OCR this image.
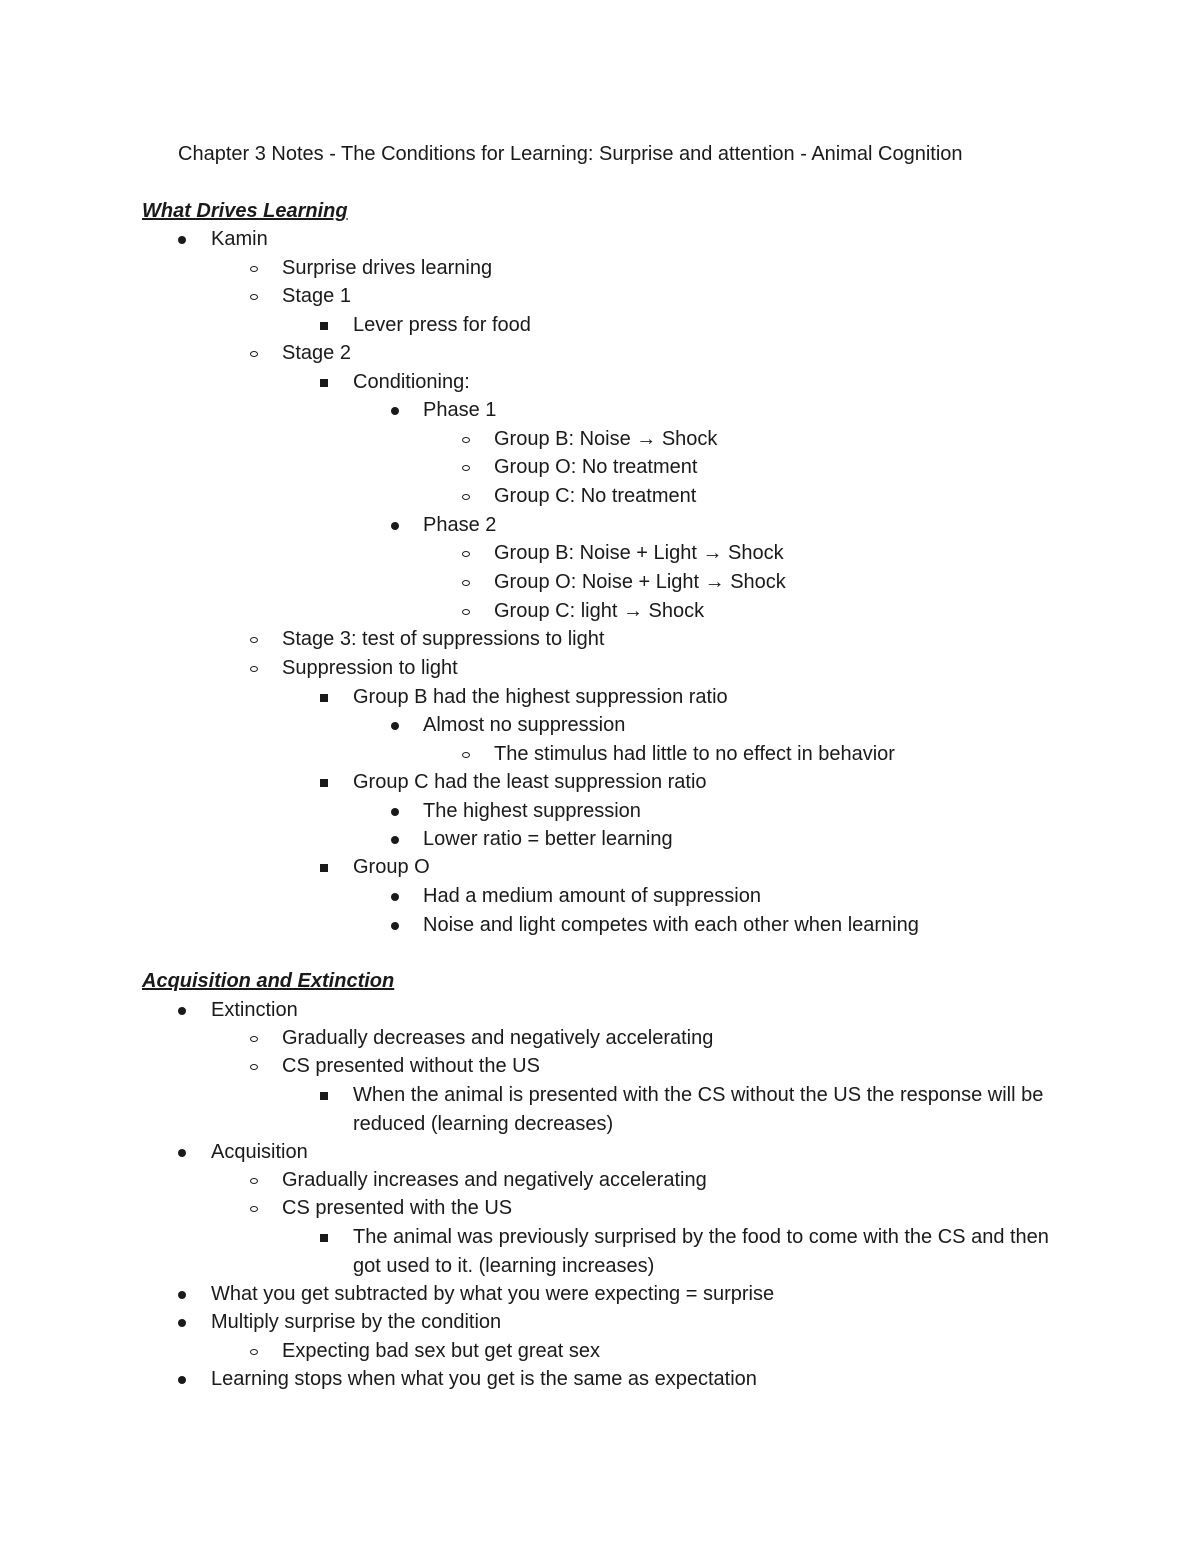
Chapter 3 Notes - The Conditions for Learning: Surprise and attention - Animal Cognition
What Drives Learning
Kamin
Surprise drives learning
Stage 1
Lever press for food
Stage 2
Conditioning:
Phase 1
Group B: Noise → Shock
Group O: No treatment
Group C: No treatment
Phase 2
Group B: Noise + Light → Shock
Group O: Noise + Light → Shock
Group C: light → Shock
Stage 3: test of suppressions to light
Suppression to light
Group B had the highest suppression ratio
Almost no suppression
The stimulus had little to no effect in behavior
Group C had the least suppression ratio
The highest suppression
Lower ratio = better learning
Group O
Had a medium amount of suppression
Noise and light competes with each other when learning
Acquisition and Extinction
Extinction
Gradually decreases and negatively accelerating
CS presented without the US
When the animal is presented with the CS without the US the response will be reduced (learning decreases)
Acquisition
Gradually increases and negatively accelerating
CS presented with the US
The animal was previously surprised by the food to come with the CS and then got used to it. (learning increases)
What you get subtracted by what you were expecting = surprise
Multiply surprise by the condition
Expecting bad sex but get great sex
Learning stops when what you get is the same as expectation
